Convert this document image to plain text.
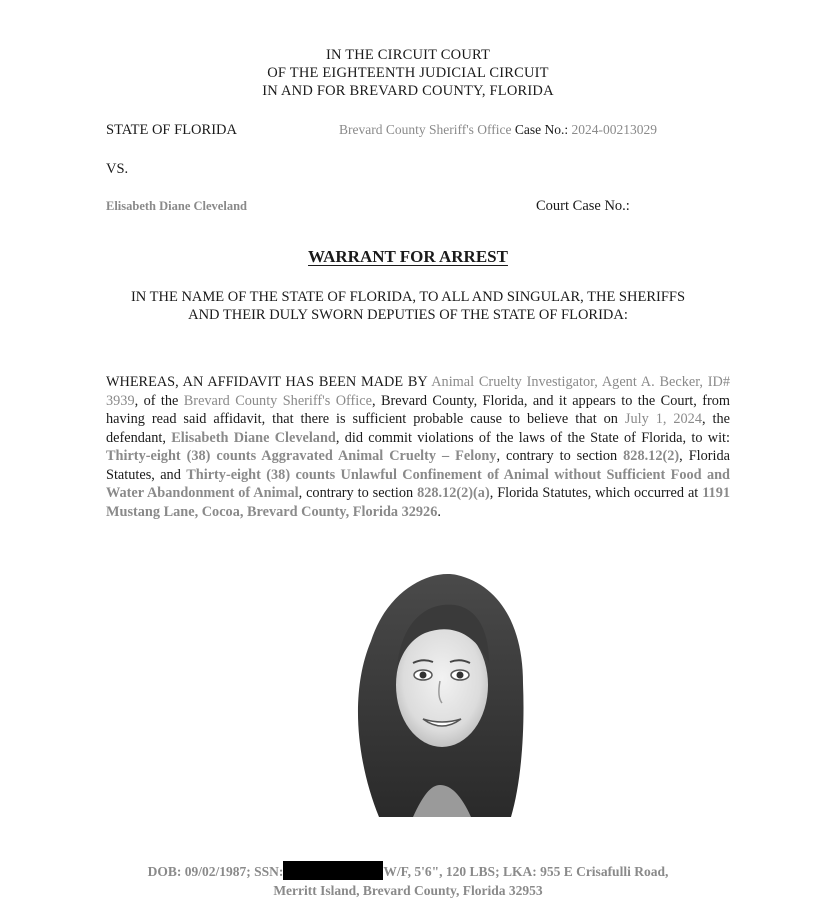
IN THE CIRCUIT COURT
OF THE EIGHTEENTH JUDICIAL CIRCUIT
IN AND FOR BREVARD COUNTY, FLORIDA
STATE OF FLORIDA	Brevard County Sheriff's Office Case No.: 2024-00213029
VS.
Elisabeth Diane Cleveland	Court Case No.:
WARRANT FOR ARREST
IN THE NAME OF THE STATE OF FLORIDA, TO ALL AND SINGULAR, THE SHERIFFS
AND THEIR DULY SWORN DEPUTIES OF THE STATE OF FLORIDA:
WHEREAS, AN AFFIDAVIT HAS BEEN MADE BY Animal Cruelty Investigator, Agent A. Becker, ID# 3939, of the Brevard County Sheriff's Office, Brevard County, Florida, and it appears to the Court, from having read said affidavit, that there is sufficient probable cause to believe that on July 1, 2024, the defendant, Elisabeth Diane Cleveland, did commit violations of the laws of the State of Florida, to wit: Thirty-eight (38) counts Aggravated Animal Cruelty – Felony, contrary to section 828.12(2), Florida Statutes, and Thirty-eight (38) counts Unlawful Confinement of Animal without Sufficient Food and Water Abandonment of Animal, contrary to section 828.12(2)(a), Florida Statutes, which occurred at 1191 Mustang Lane, Cocoa, Brevard County, Florida 32926.
DOB: 09/02/1987; SSN:	W/F, 5'6", 120 LBS; LKA: 955 E Crisafulli Road,
Merritt Island, Brevard County, Florida 32953
